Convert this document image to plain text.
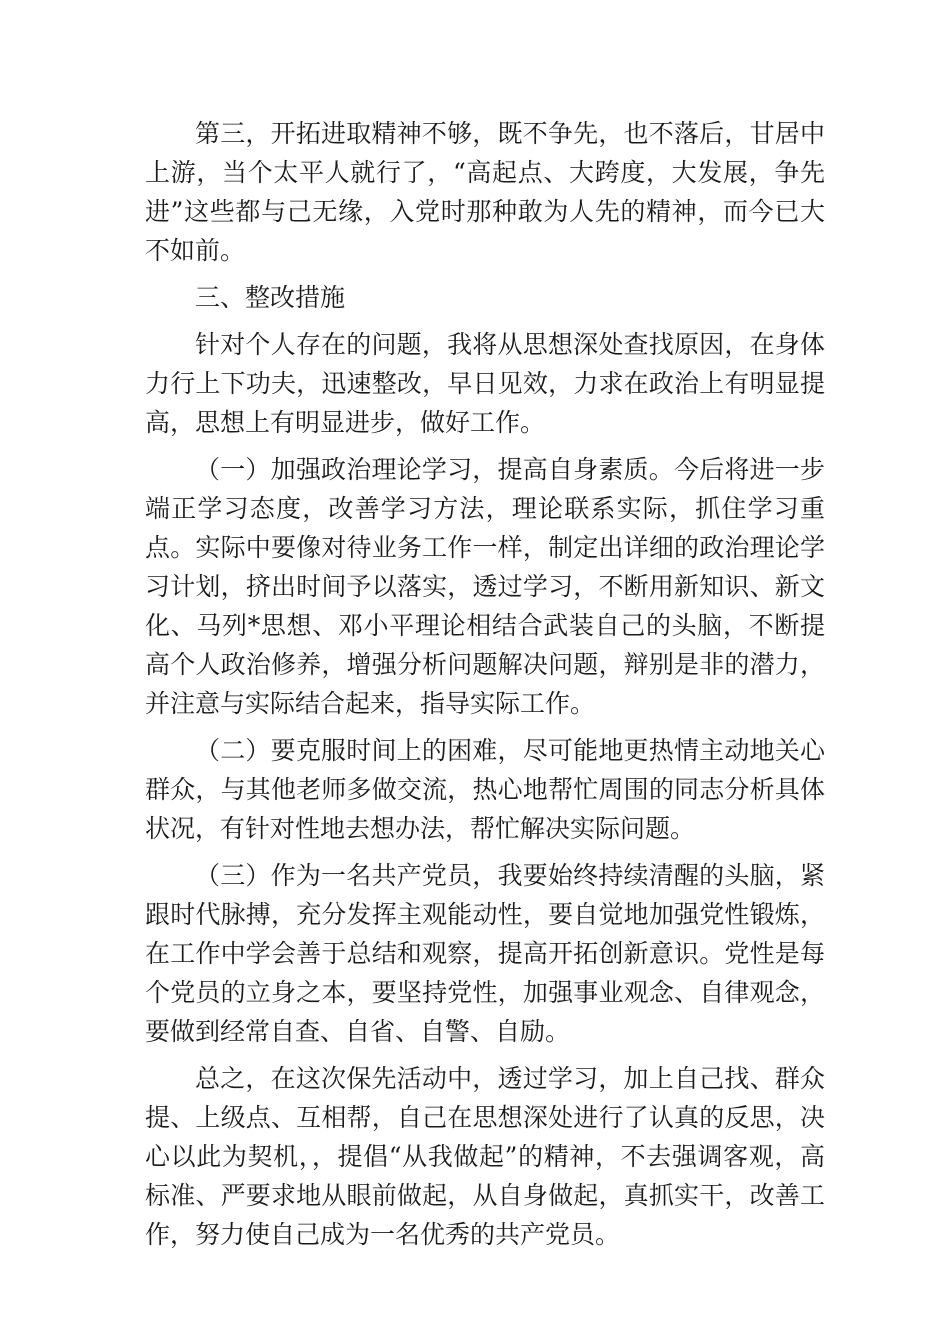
第三，开拓进取精神不够，既不争先，也不落后，甘居中上游，当个太平人就行了，“高起点、大跨度，大发展，争先进”这些都与己无缘，入党时那种敢为人先的精神，而今已大不如前。

三、整改措施

针对个人存在的问题，我将从思想深处查找原因，在身体力行上下功夫，迅速整改，早日见效，力求在政治上有明显提高，思想上有明显进步，做好工作。

（一）加强政治理论学习，提高自身素质。今后将进一步端正学习态度，改善学习方法，理论联系实际，抓住学习重点。实际中要像对待业务工作一样，制定出详细的政治理论学习计划，挤出时间予以落实，透过学习，不断用新知识、新文化、马列*思想、邓小平理论相结合武装自己的头脑，不断提高个人政治修养，增强分析问题解决问题，辩别是非的潜力，并注意与实际结合起来，指导实际工作。

（二）要克服时间上的困难，尽可能地更热情主动地关心群众，与其他老师多做交流，热心地帮忙周围的同志分析具体状况，有针对性地去想办法，帮忙解决实际问题。

（三）作为一名共产党员，我要始终持续清醒的头脑，紧跟时代脉搏，充分发挥主观能动性，要自觉地加强党性锻炼，在工作中学会善于总结和观察，提高开拓创新意识。党性是每个党员的立身之本，要坚持党性，加强事业观念、自律观念，要做到经常自查、自省、自警、自励。

总之，在这次保先活动中，透过学习，加上自己找、群众提、上级点、互相帮，自己在思想深处进行了认真的反思，决心以此为契机，，提倡“从我做起”的精神，不去强调客观，高标准、严要求地从眼前做起，从自身做起，真抓实干，改善工作，努力使自己成为一名优秀的共产党员。
